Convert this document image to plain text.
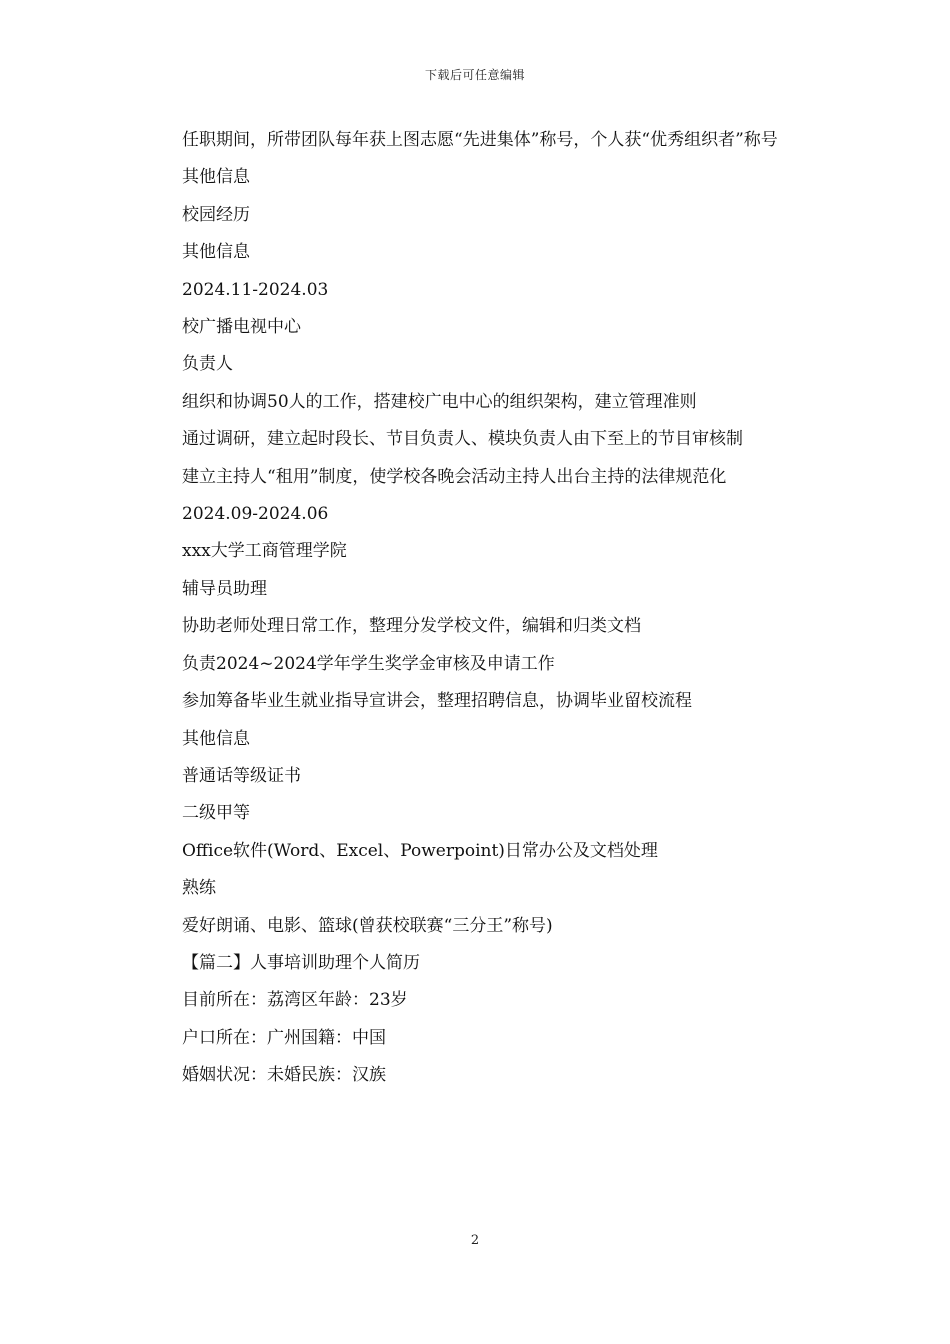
下载后可任意编辑

任职期间，所带团队每年获上图志愿“先进集体”称号，个人获“优秀组织者”称号

其他信息

校园经历

其他信息

2024.11-2024.03

校广播电视中心

负责人

组织和协调50人的工作，搭建校广电中心的组织架构，建立管理准则

通过调研，建立起时段长、节目负责人、模块负责人由下至上的节目审核制

建立主持人“租用”制度，使学校各晚会活动主持人出台主持的法律规范化

2024.09-2024.06

xxx大学工商管理学院

辅导员助理

协助老师处理日常工作，整理分发学校文件，编辑和归类文档

负责2024~2024学年学生奖学金审核及申请工作

参加筹备毕业生就业指导宣讲会，整理招聘信息，协调毕业留校流程

其他信息

普通话等级证书

二级甲等

Office软件(Word、Excel、Powerpoint)日常办公及文档处理

熟练

爱好朗诵、电影、篮球(曾获校联赛“三分王”称号)

【篇二】人事培训助理个人简历

目前所在：荔湾区年龄：23岁

户口所在：广州国籍：中国

婚姻状况：未婚民族：汉族

2
